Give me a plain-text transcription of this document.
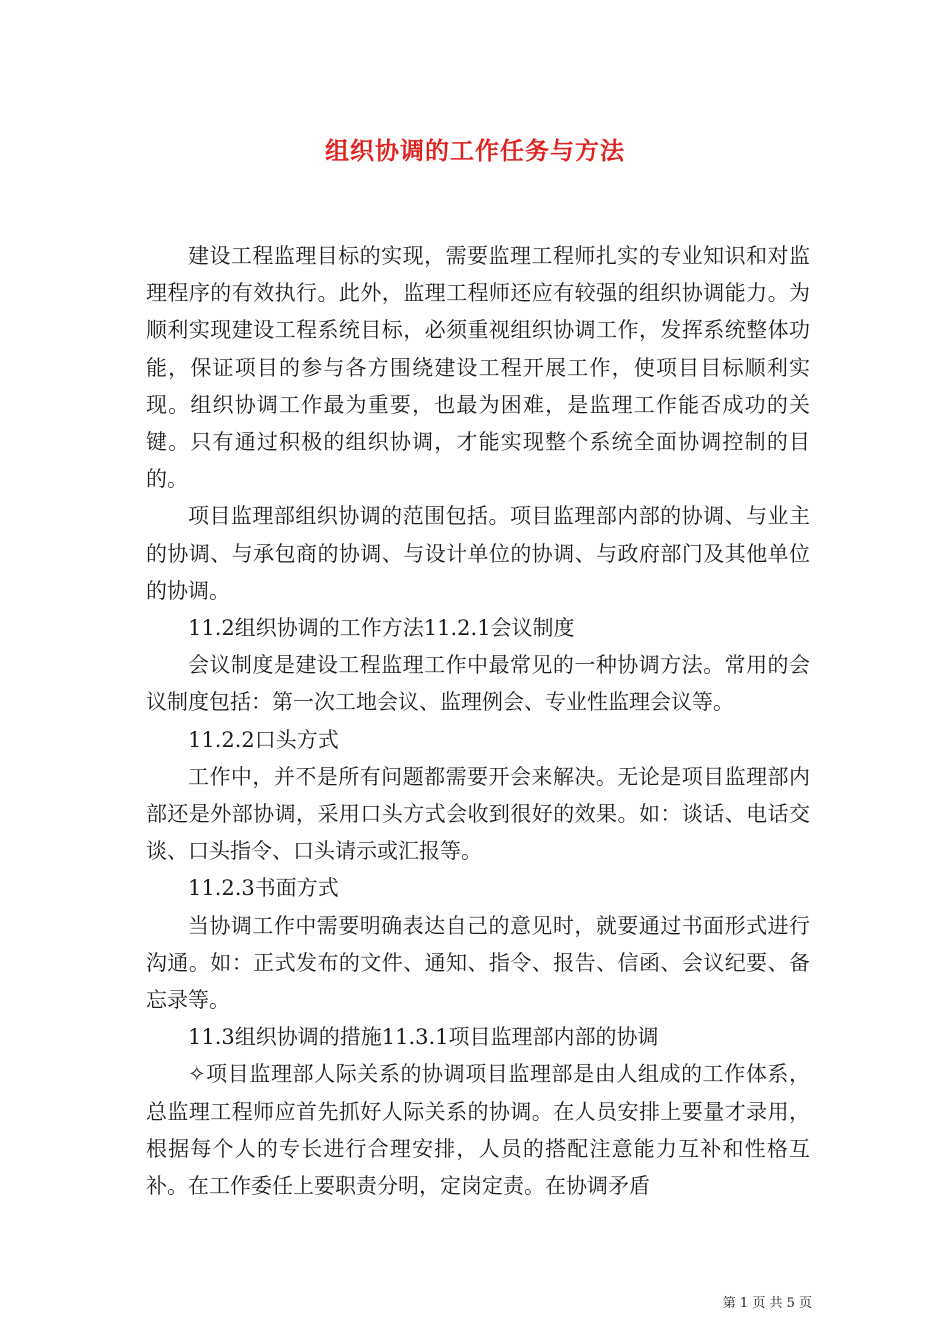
组织协调的工作任务与方法

建设工程监理目标的实现，需要监理工程师扎实的专业知识和对监理程序的有效执行。此外，监理工程师还应有较强的组织协调能力。为顺利实现建设工程系统目标，必须重视组织协调工作，发挥系统整体功能，保证项目的参与各方围绕建设工程开展工作，使项目目标顺利实现。组织协调工作最为重要，也最为困难，是监理工作能否成功的关键。只有通过积极的组织协调，才能实现整个系统全面协调控制的目的。

项目监理部组织协调的范围包括。项目监理部内部的协调、与业主的协调、与承包商的协调、与设计单位的协调、与政府部门及其他单位的协调。

11.2组织协调的工作方法11.2.1会议制度

会议制度是建设工程监理工作中最常见的一种协调方法。常用的会议制度包括：第一次工地会议、监理例会、专业性监理会议等。

11.2.2口头方式

工作中，并不是所有问题都需要开会来解决。无论是项目监理部内部还是外部协调，采用口头方式会收到很好的效果。如：谈话、电话交谈、口头指令、口头请示或汇报等。

11.2.3书面方式

当协调工作中需要明确表达自己的意见时，就要通过书面形式进行沟通。如：正式发布的文件、通知、指令、报告、信函、会议纪要、备忘录等。

11.3组织协调的措施11.3.1项目监理部内部的协调

✧项目监理部人际关系的协调项目监理部是由人组成的工作体系，总监理工程师应首先抓好人际关系的协调。在人员安排上要量才录用，根据每个人的专长进行合理安排，人员的搭配注意能力互补和性格互补。在工作委任上要职责分明，定岗定责。在协调矛盾

第 1 页 共 5 页
